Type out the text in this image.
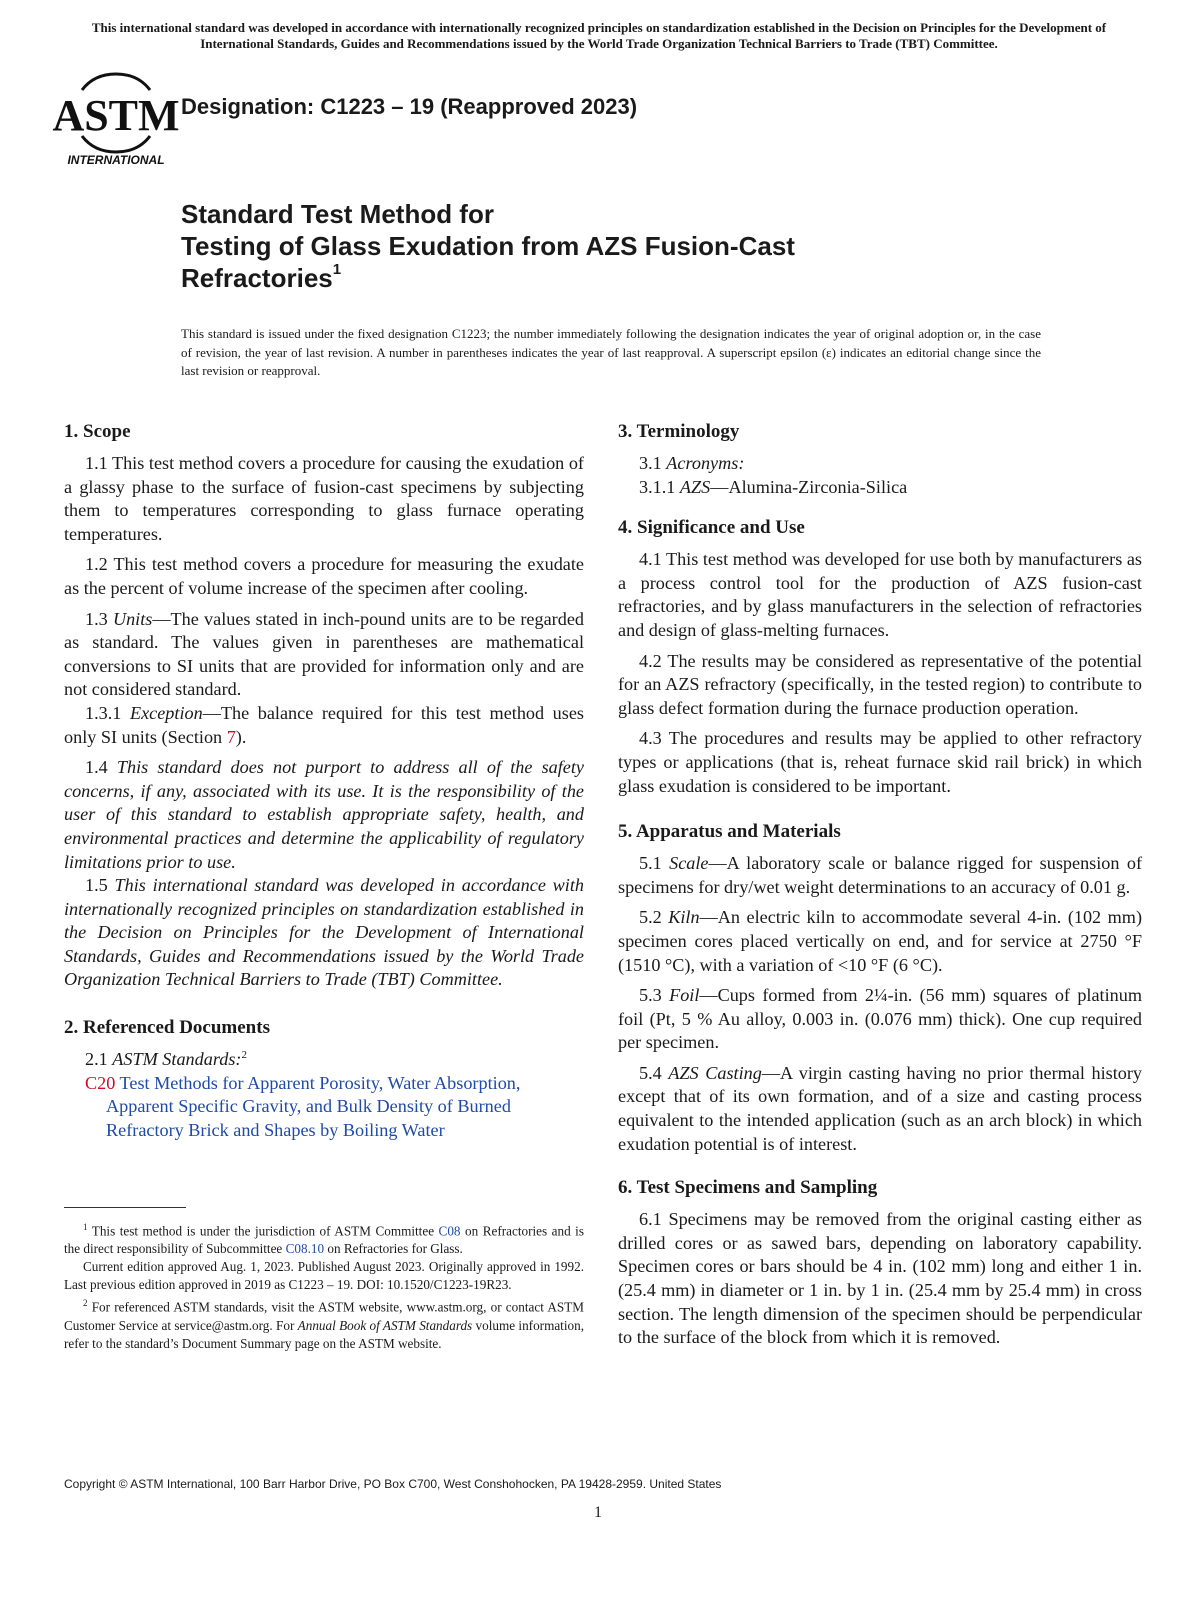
This international standard was developed in accordance with internationally recognized principles on standardization established in the Decision on Principles for the Development of International Standards, Guides and Recommendations issued by the World Trade Organization Technical Barriers to Trade (TBT) Committee.
ASTM
INTERNATIONAL
Designation: C1223 – 19 (Reapproved 2023)
Standard Test Method for
Testing of Glass Exudation from AZS Fusion-Cast
Refractories$^1$
This standard is issued under the fixed designation C1223; the number immediately following the designation indicates the year of original adoption or, in the case of revision, the year of last revision. A number in parentheses indicates the year of last reapproval. A superscript epsilon (ε) indicates an editorial change since the last revision or reapproval.
1. Scope

1.1 This test method covers a procedure for causing the exudation of a glassy phase to the surface of fusion-cast specimens by subjecting them to temperatures corresponding to glass furnace operating temperatures.

1.2 This test method covers a procedure for measuring the exudate as the percent of volume increase of the specimen after cooling.

1.3 Units—The values stated in inch-pound units are to be regarded as standard. The values given in parentheses are mathematical conversions to SI units that are provided for information only and are not considered standard.

1.3.1 Exception—The balance required for this test method uses only SI units (Section 7).

1.4 This standard does not purport to address all of the safety concerns, if any, associated with its use. It is the responsibility of the user of this standard to establish appropriate safety, health, and environmental practices and determine the applicability of regulatory limitations prior to use.

1.5 This international standard was developed in accordance with internationally recognized principles on standardization established in the Decision on Principles for the Development of International Standards, Guides and Recommendations issued by the World Trade Organization Technical Barriers to Trade (TBT) Committee.

2. Referenced Documents

2.1 ASTM Standards:$^2$

C20 Test Methods for Apparent Porosity, Water Absorption, Apparent Specific Gravity, and Bulk Density of Burned Refractory Brick and Shapes by Boiling Water

3. Terminology

3.1 Acronyms:

3.1.1 AZS—Alumina-Zirconia-Silica

4. Significance and Use

4.1 This test method was developed for use both by manufacturers as a process control tool for the production of AZS fusion-cast refractories, and by glass manufacturers in the selection of refractories and design of glass-melting furnaces.

4.2 The results may be considered as representative of the potential for an AZS refractory (specifically, in the tested region) to contribute to glass defect formation during the furnace production operation.

4.3 The procedures and results may be applied to other refractory types or applications (that is, reheat furnace skid rail brick) in which glass exudation is considered to be important.

5. Apparatus and Materials

5.1 Scale—A laboratory scale or balance rigged for suspension of specimens for dry/wet weight determinations to an accuracy of 0.01 g.

5.2 Kiln—An electric kiln to accommodate several 4-in. (102 mm) specimen cores placed vertically on end, and for service at 2750 °F (1510 °C), with a variation of <10 °F (6 °C).

5.3 Foil—Cups formed from 2¼-in. (56 mm) squares of platinum foil (Pt, 5 % Au alloy, 0.003 in. (0.076 mm) thick). One cup required per specimen.

5.4 AZS Casting—A virgin casting having no prior thermal history except that of its own formation, and of a size and casting process equivalent to the intended application (such as an arch block) in which exudation potential is of interest.

6. Test Specimens and Sampling

6.1 Specimens may be removed from the original casting either as drilled cores or as sawed bars, depending on laboratory capability. Specimen cores or bars should be 4 in. (102 mm) long and either 1 in. (25.4 mm) in diameter or 1 in. by 1 in. (25.4 mm by 25.4 mm) in cross section. The length dimension of the specimen should be perpendicular to the surface of the block from which it is removed.

$^1$ This test method is under the jurisdiction of ASTM Committee C08 on Refractories and is the direct responsibility of Subcommittee C08.10 on Refractories for Glass.

Current edition approved Aug. 1, 2023. Published August 2023. Originally approved in 1992. Last previous edition approved in 2019 as C1223 – 19. DOI: 10.1520/C1223-19R23.

$^2$ For referenced ASTM standards, visit the ASTM website, www.astm.org, or contact ASTM Customer Service at service@astm.org. For Annual Book of ASTM Standards volume information, refer to the standard’s Document Summary page on the ASTM website.

Copyright © ASTM International, 100 Barr Harbor Drive, PO Box C700, West Conshohocken, PA 19428-2959. United States
1
